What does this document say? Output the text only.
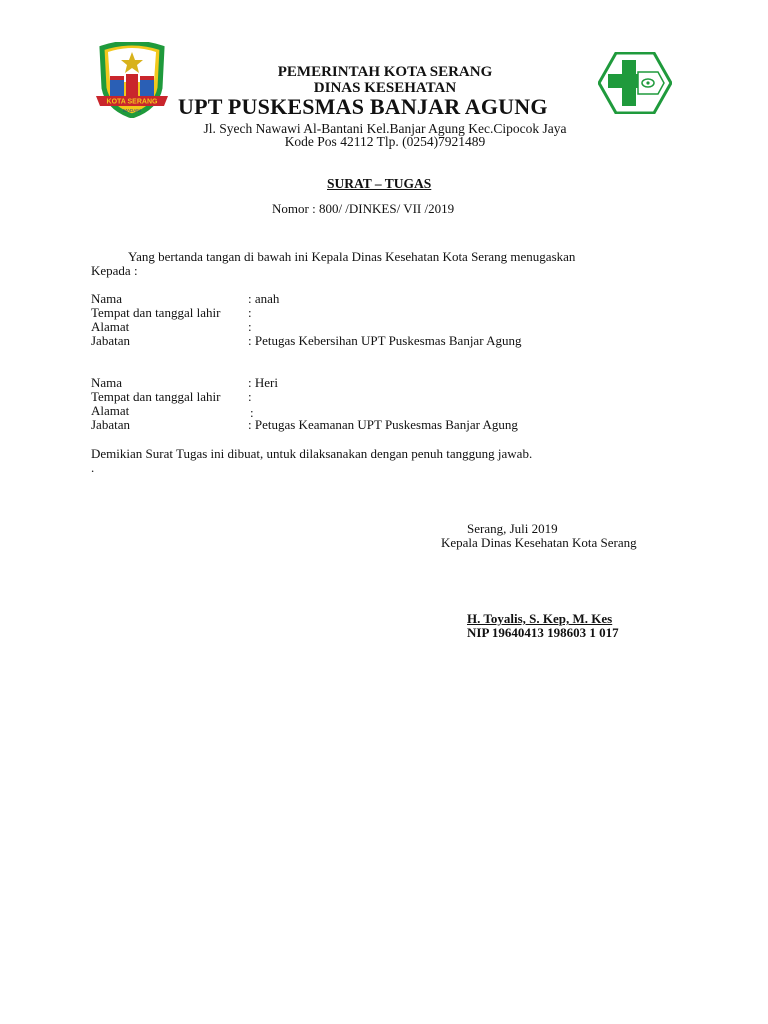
KOTA SERANG
MADANI
PEMERINTAH KOTA SERANG
DINAS KESEHATAN
UPT PUSKESMAS BANJAR AGUNG
Jl. Syech Nawawi Al-Bantani Kel.Banjar Agung Kec.Cipocok Jaya
Kode Pos 42112 Tlp. (0254)7921489
SURAT – TUGAS
Nomor : 800/ /DINKES/ VII /2019
Yang bertanda tangan di bawah ini Kepala Dinas Kesehatan Kota Serang menugaskan
Kepada :
Nama	: anah
Tempat dan tanggal lahir :
Alamat	:
Jabatan	: Petugas Kebersihan UPT Puskesmas Banjar Agung
Nama	: Heri
Tempat dan tanggal lahir :
Alamat	:
Jabatan	: Petugas Keamanan UPT Puskesmas Banjar Agung
Demikian Surat Tugas ini dibuat, untuk dilaksanakan dengan penuh tanggung jawab.
.
Serang, Juli 2019
Kepala Dinas Kesehatan Kota Serang
H. Toyalis, S. Kep, M. Kes
NIP 19640413 198603 1 017
